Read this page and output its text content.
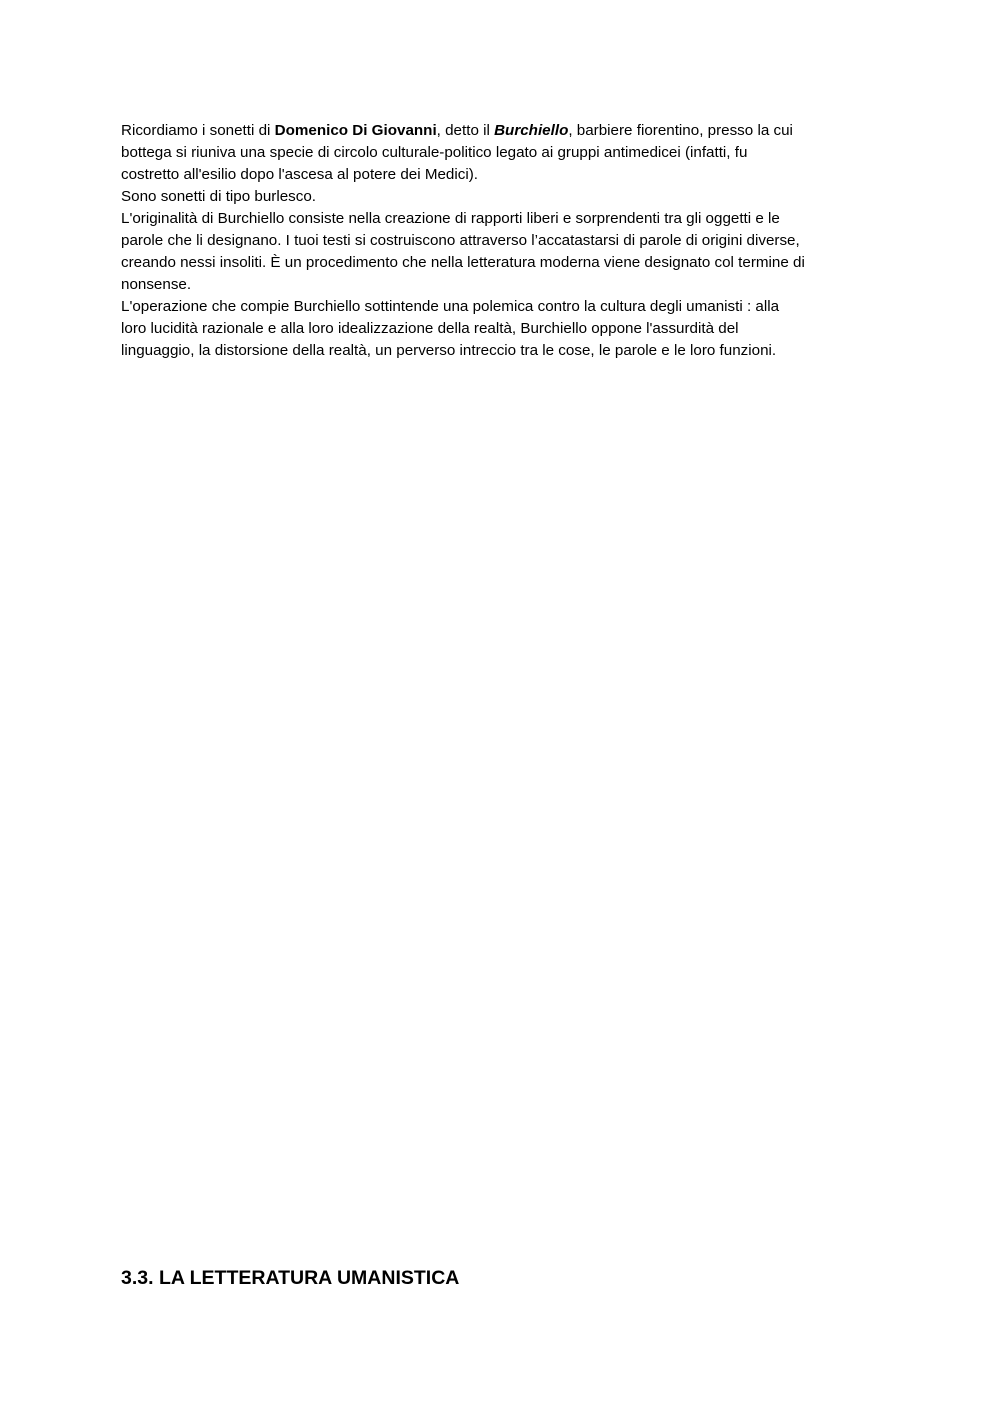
Ricordiamo i sonetti di Domenico Di Giovanni, detto il Burchiello, barbiere fiorentino, presso la cui
bottega si riuniva una specie di circolo culturale-politico legato ai gruppi antimedicei (infatti, fu
costretto all'esilio dopo l'ascesa al potere dei Medici).
Sono sonetti di tipo burlesco.
L'originalità di Burchiello consiste nella creazione di rapporti liberi e sorprendenti tra gli oggetti e le
parole che li designano. I tuoi testi si costruiscono attraverso l’accatastarsi di parole di origini diverse,
creando nessi insoliti. È un procedimento che nella letteratura moderna viene designato col termine di
nonsense.
L'operazione che compie Burchiello sottintende una polemica contro la cultura degli umanisti : alla
loro lucidità razionale e alla loro idealizzazione della realtà, Burchiello oppone l'assurdità del
linguaggio, la distorsione della realtà, un perverso intreccio tra le cose, le parole e le loro funzioni.
3.3. LA LETTERATURA UMANISTICA
